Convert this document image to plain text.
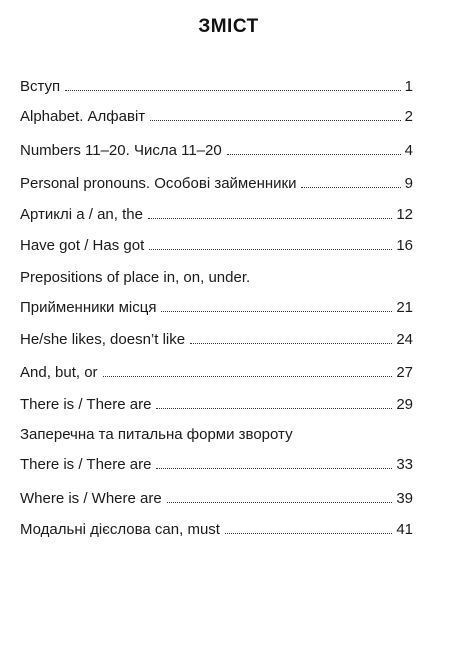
ЗМІСТ
Вступ	1
Alphabet. Алфавіт	2
Numbers 11–20. Числа 11–20	4
Personal pronouns. Особові займенники	9
Артиклі a / an, the	12
Have got / Has got	16
Prepositions of place in, on, under.
Прийменники місця	21
He/she likes, doesn’t like	24
And, but, or	27
There is / There are	29
Заперечна та питальна форми звороту
There is / There are	33
Where is / Where are	39
Модальні дієслова can, must	41
